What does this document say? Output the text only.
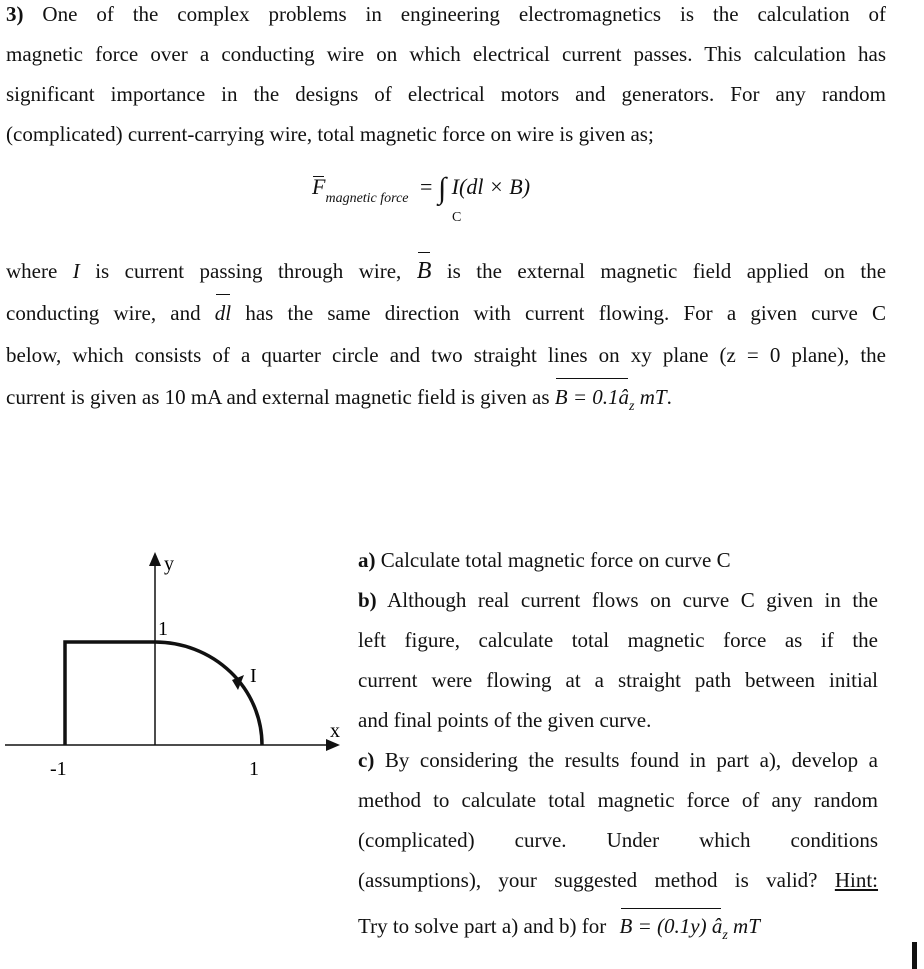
3) One of the complex problems in engineering electromagnetics is the calculation of
magnetic force over a conducting wire on which electrical current passes. This calculation has
significant importance in the designs of electrical motors and generators. For any random
(complicated) current-carrying wire, total magnetic force on wire is given as;
$F_{magnetic force}$ = ∫ I(dl × B)
C
where I is current passing through wire, B is the external magnetic field applied on the
conducting wire, and dl has the same direction with current flowing. For a given curve C
below, which consists of a quarter circle and two straight lines on xy plane (z = 0 plane), the
current is given as 10 mA and external magnetic field is given as $B = 0.1â_z$ mT.
y
x
-1	1
1
I
a) Calculate total magnetic force on curve C
b) Although real current flows on curve C given in the
left figure, calculate total magnetic force as if the
current were flowing at a straight path between initial
and final points of the given curve.
c) By considering the results found in part a), develop a
method to calculate total magnetic force of any random
(complicated) curve. Under which conditions
(assumptions), your suggested method is valid? Hint:
Try to solve part a) and b) for B = (0.1y) $â_z$ mT
